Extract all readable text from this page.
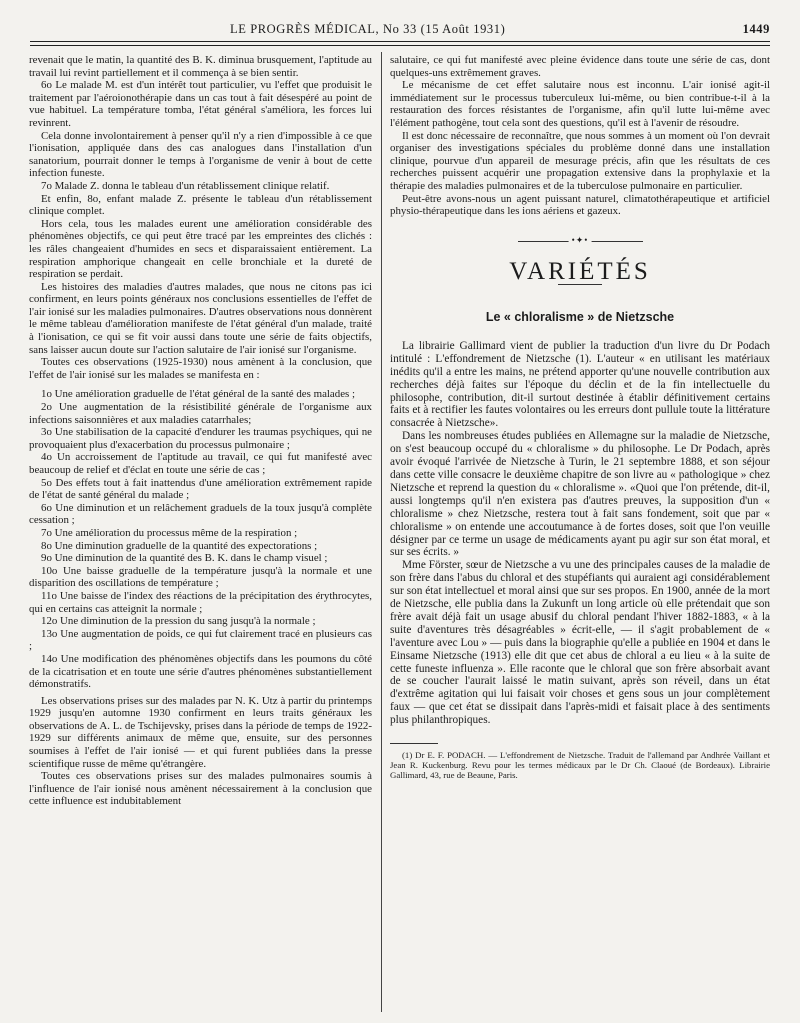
LE PROGRÈS MÉDICAL, No 33 (15 Août 1931)	1449

revenait que le matin, la quantité des B. K. diminua brusquement, l'aptitude au travail lui revint partiellement et il commença à se bien sentir.

6o Le malade M. est d'un intérêt tout particulier, vu l'effet que produisit le traitement par l'aéroionothérapie dans un cas tout à fait désespéré au point de vue habituel. La température tomba, l'état général s'améliora, les forces lui revinrent.

Cela donne involontairement à penser qu'il n'y a rien d'impossible à ce que l'ionisation, appliquée dans des cas analogues dans l'installation d'un sanatorium, pourrait donner le temps à l'organisme de venir à bout de cette infection funeste.

7o Malade Z. donna le tableau d'un rétablissement clinique relatif.

Et enfin, 8o, enfant malade Z. présente le tableau d'un rétablissement clinique complet.

Hors cela, tous les malades eurent une amélioration considérable des phénomènes objectifs, ce qui peut être tracé par les empreintes des clichés : les râles changeaient d'humides en secs et disparaissaient entièrement. La respiration amphorique changeait en celle bronchiale et la dureté de respiration se perdait.

Les histoires des maladies d'autres malades, que nous ne citons pas ici confirment, en leurs points généraux nos conclusions essentielles de l'effet de l'air ionisé sur les maladies pulmonaires. D'autres observations nous donnèrent le même tableau d'amélioration manifeste de l'état général d'un malade, traité à l'ionisation, ce qui se fit voir aussi dans toute une série de faits objectifs, sans laisser aucun doute sur l'action salutaire de l'air ionisé sur l'organisme.

Toutes ces observations (1925-1930) nous amènent à la conclusion, que l'effet de l'air ionisé sur les malades se manifesta en :

1o Une amélioration graduelle de l'état général de la santé des malades ;

2o Une augmentation de la résistibilité générale de l'organisme aux infections saisonnières et aux maladies catarrhales;

3o Une stabilisation de la capacité d'endurer les traumas psychiques, qui ne provoquaient plus d'exacerbation du processus pulmonaire ;

4o Un accroissement de l'aptitude au travail, ce qui fut manifesté avec beaucoup de relief et d'éclat en toute une série de cas ;

5o Des effets tout à fait inattendus d'une amélioration extrêmement rapide de l'état de santé général du malade ;

6o Une diminution et un relâchement graduels de la toux jusqu'à complète cessation ;

7o Une amélioration du processus même de la respiration ;

8o Une diminution graduelle de la quantité des expectorations ;

9o Une diminution de la quantité des B. K. dans le champ visuel ;

10o Une baisse graduelle de la température jusqu'à la normale et une disparition des oscillations de température ;

11o Une baisse de l'index des réactions de la précipitation des érythrocytes, qui en certains cas atteignit la normale ;

12o Une diminution de la pression du sang jusqu'à la normale ;

13o Une augmentation de poids, ce qui fut clairement tracé en plusieurs cas ;

14o Une modification des phénomènes objectifs dans les poumons du côté de la cicatrisation et en toute une série d'autres phénomènes substantiellement démonstratifs.

Les observations prises sur des malades par N. K. Utz à partir du printemps 1929 jusqu'en automne 1930 confirment en leurs traits généraux les observations de A. L. de Tschijevsky, prises dans la période de temps de 1922-1929 sur différents animaux de même que, ensuite, sur des personnes soumises à l'effet de l'air ionisé — et qui furent publiées dans la presse scientifique russe de même qu'étrangère.

Toutes ces observations prises sur des malades pulmonaires soumis à l'influence de l'air ionisé nous amènent nécessairement à la conclusion que cette influence est indubitablement

salutaire, ce qui fut manifesté avec pleine évidence dans toute une série de cas, dont quelques-uns extrêmement graves.

Le mécanisme de cet effet salutaire nous est inconnu. L'air ionisé agit-il immédiatement sur le processus tuberculeux lui-même, ou bien contribue-t-il à la restauration des forces résistantes de l'organisme, afin qu'il lutte lui-même avec l'élément pathogène, tout cela sont des questions, qu'il est à l'avenir de résoudre.

Il est donc nécessaire de reconnaître, que nous sommes à un moment où l'on devrait organiser des investigations spéciales du problème donné dans une installation clinique, pourvue d'un appareil de mesurage précis, afin que les résultats de ces recherches puissent acquérir une propagation extensive dans la prophylaxie et la thérapie des maladies pulmonaires et de la tuberculose pulmonaire en particulier.

Peut-être avons-nous un agent puissant naturel, climatothérapeutique et artificiel physio-thérapeutique dans les ions aériens et gazeux.

•✦•
VARIÉTÉS
Le « chloralisme » de Nietzsche

La librairie Gallimard vient de publier la traduction d'un livre du Dr Podach intitulé : L'effondrement de Nietzsche (1). L'auteur « en utilisant les matériaux inédits qu'il a entre les mains, ne prétend apporter qu'une nouvelle contribution aux recherches déjà faites sur l'époque du déclin et de la fin intellectuelle du philosophe, contribution, dit-il surtout destinée à établir définitivement certains faits et à rectifier les fautes volontaires ou les erreurs dont pullule toute la littérature consacrée à Nietzsche».

Dans les nombreuses études publiées en Allemagne sur la maladie de Nietzsche, on s'est beaucoup occupé du « chloralisme » du philosophe. Le Dr Podach, après avoir évoqué l'arrivée de Nietzsche à Turin, le 21 septembre 1888, et son séjour dans cette ville consacre le deuxième chapitre de son livre au « pathologique » chez Nietzsche et reprend la question du « chloralisme ». «Quoi que l'on prétende, dit-il, aussi longtemps qu'il n'en existera pas d'autres preuves, la supposition d'un « chloralisme » chez Nietzsche, restera tout à fait sans fondement, soit que par « chloralisme » on entende une accoutumance à de fortes doses, soit que l'on veuille désigner par ce terme un usage de médicaments ayant pu agir sur son état moral, et sur ses écrits. »

Mme Förster, sœur de Nietzsche a vu une des principales causes de la maladie de son frère dans l'abus du chloral et des stupéfiants qui auraient agi considérablement sur son état intellectuel et moral ainsi que sur ses propos. En 1900, année de la mort de Nietzsche, elle publia dans la Zukunft un long article où elle prétendait que son frère avait déjà fait un usage abusif du chloral pendant l'hiver 1882-1883, « à la suite d'aventures très désagréables » écrit-elle, — il s'agit probablement de « l'aventure avec Lou » — puis dans la biographie qu'elle a publiée en 1904 et dans le Einsame Nietzsche (1913) elle dit que cet abus de chloral a eu lieu « à la suite de cette funeste influenza ». Elle raconte que le chloral que son frère absorbait avant de se coucher l'aurait laissé le matin suivant, après son réveil, dans un état d'extrême agitation qui lui faisait voir choses et gens sous un jour complètement faux — que cet état se dissipait dans l'après-midi et faisait place à des sentiments plus philanthropiques.

(1) Dr E. F. PODACH. — L'effondrement de Nietzsche. Traduit de l'allemand par Andhrée Vaillant et Jean R. Kuckenburg. Revu pour les termes médicaux par le Dr Ch. Claoué (de Bordeaux). Librairie Gallimard, 43, rue de Beaune, Paris.
